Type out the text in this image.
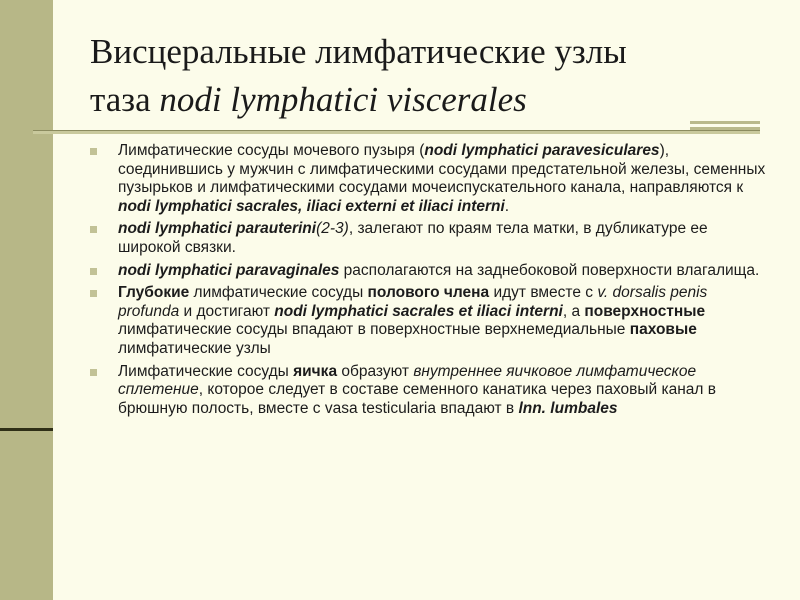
Висцеральные лимфатические узлы
таза nodi lymphatici viscerales
Лимфатические сосуды мочевого пузыря (nodi lymphatici paravesiculares), соединившись у мужчин с лимфатическими сосудами предстательной железы, семенных пузырьков и лимфатическими сосудами мочеиспускательного канала, направляются к nodi lymphatici sacrales, iliaci externi et iliaci interni.
nodi lymphatici parauterini(2-3), залегают по краям тела матки, в дубликатуре ее широкой связки.
nodi lymphatici paravaginales располагаются на заднебоковой поверхности влагалища.
Глубокие лимфатические сосуды полового члена идут вместе с v. dorsalis penis profunda и достигают nodi lymphatici sacrales et iliaci interni, а поверхностные лимфатические сосуды впадают в поверхностные верхнемедиальные паховые лимфатические узлы
Лимфатические сосуды яичка образуют внутреннее яичковое лимфатическое сплетение, которое следует в составе семенного канатика через паховый канал в брюшную полость, вместе с vasa testicularia впадают в lnn. lumbales
